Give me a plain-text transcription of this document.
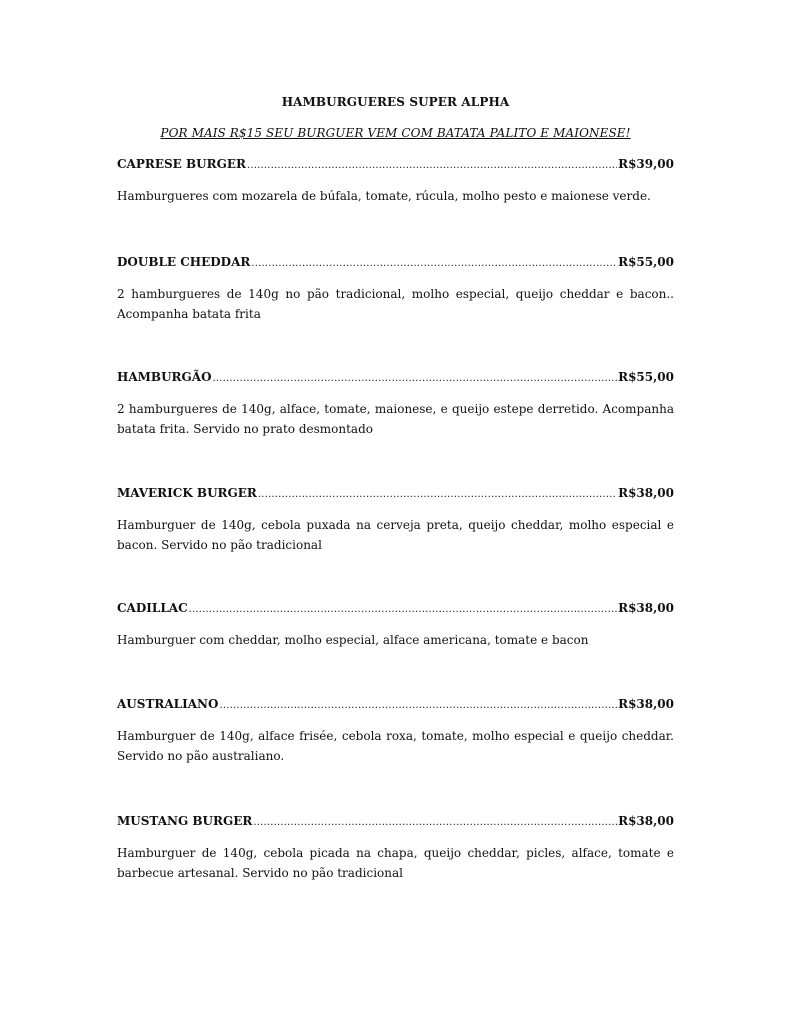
HAMBURGUERES SUPER ALPHA
POR MAIS R$15 SEU BURGUER VEM COM BATATA PALITO E MAIONESE!
CAPRESE BURGER .....	R$39,00
Hamburgueres com mozarela de búfala, tomate, rúcula, molho pesto e maionese verde.
DOUBLE CHEDDAR .....	R$55,00
2 hamburgueres de 140g no pão tradicional, molho especial, queijo cheddar e bacon.. Acompanha batata frita
HAMBURGÃO .....	R$55,00
2 hamburgueres de 140g, alface, tomate, maionese, e queijo estepe derretido. Acompanha batata frita. Servido no prato desmontado
MAVERICK BURGER .....	R$38,00
Hamburguer de 140g, cebola puxada na cerveja preta, queijo cheddar, molho especial e bacon. Servido no pão tradicional
CADILLAC .....	R$38,00
Hamburguer com cheddar, molho especial, alface americana, tomate e bacon
AUSTRALIANO .....	R$38,00
Hamburguer de 140g, alface frisée, cebola roxa, tomate, molho especial e queijo cheddar. Servido no pão australiano.
MUSTANG BURGER .....	R$38,00
Hamburguer de 140g, cebola picada na chapa, queijo cheddar, picles, alface, tomate e barbecue artesanal. Servido no pão tradicional
